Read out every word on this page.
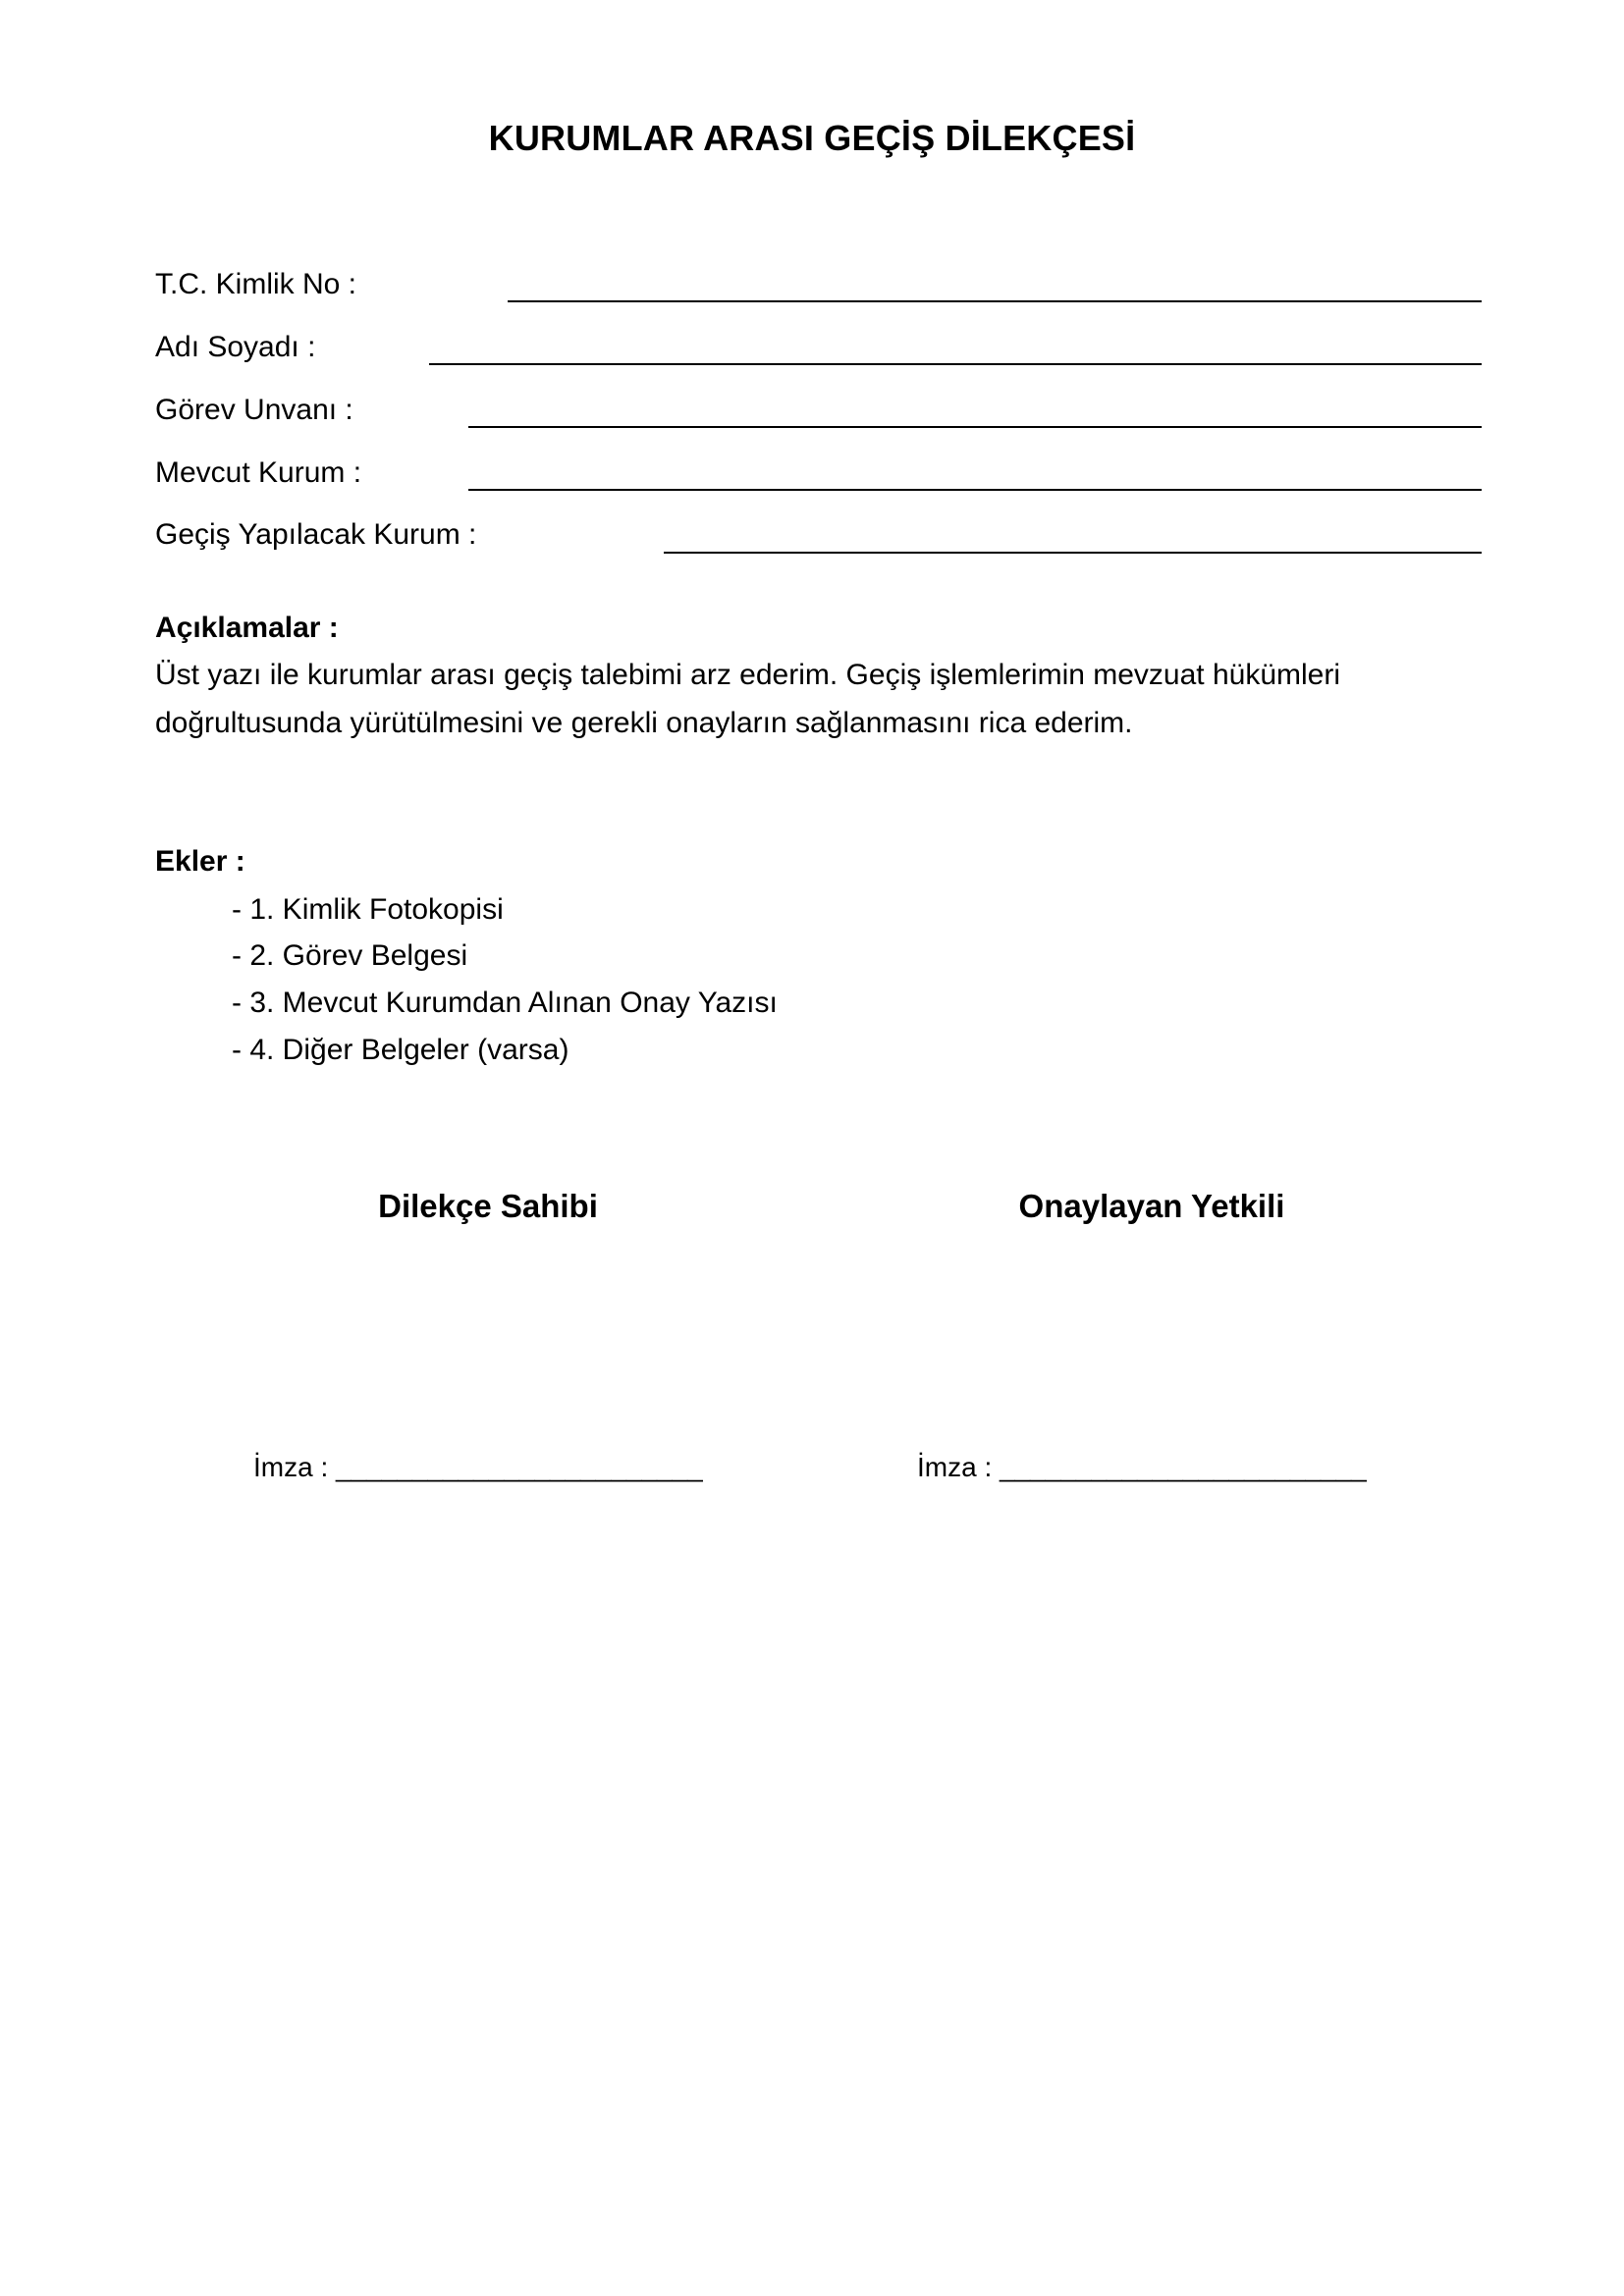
KURUMLAR ARASI GEÇİŞ DİLEKÇESİ
T.C. Kimlik No :
Adı Soyadı :
Görev Unvanı :
Mevcut Kurum :
Geçiş Yapılacak Kurum :
Açıklamalar :

Üst yazı ile kurumlar arası geçiş talebimi arz ederim. Geçiş işlemlerimin mevzuat hükümleri

doğrultusunda yürütülmesini ve gerekli onayların sağlanmasını rica ederim.

Ekler :
- 1. Kimlik Fotokopisi
- 2. Görev Belgesi
- 3. Mevcut Kurumdan Alınan Onay Yazısı
- 4. Diğer Belgeler (varsa)
Dilekçe Sahibi	Onaylayan Yetkili
İmza : ________________________	İmza : ________________________
